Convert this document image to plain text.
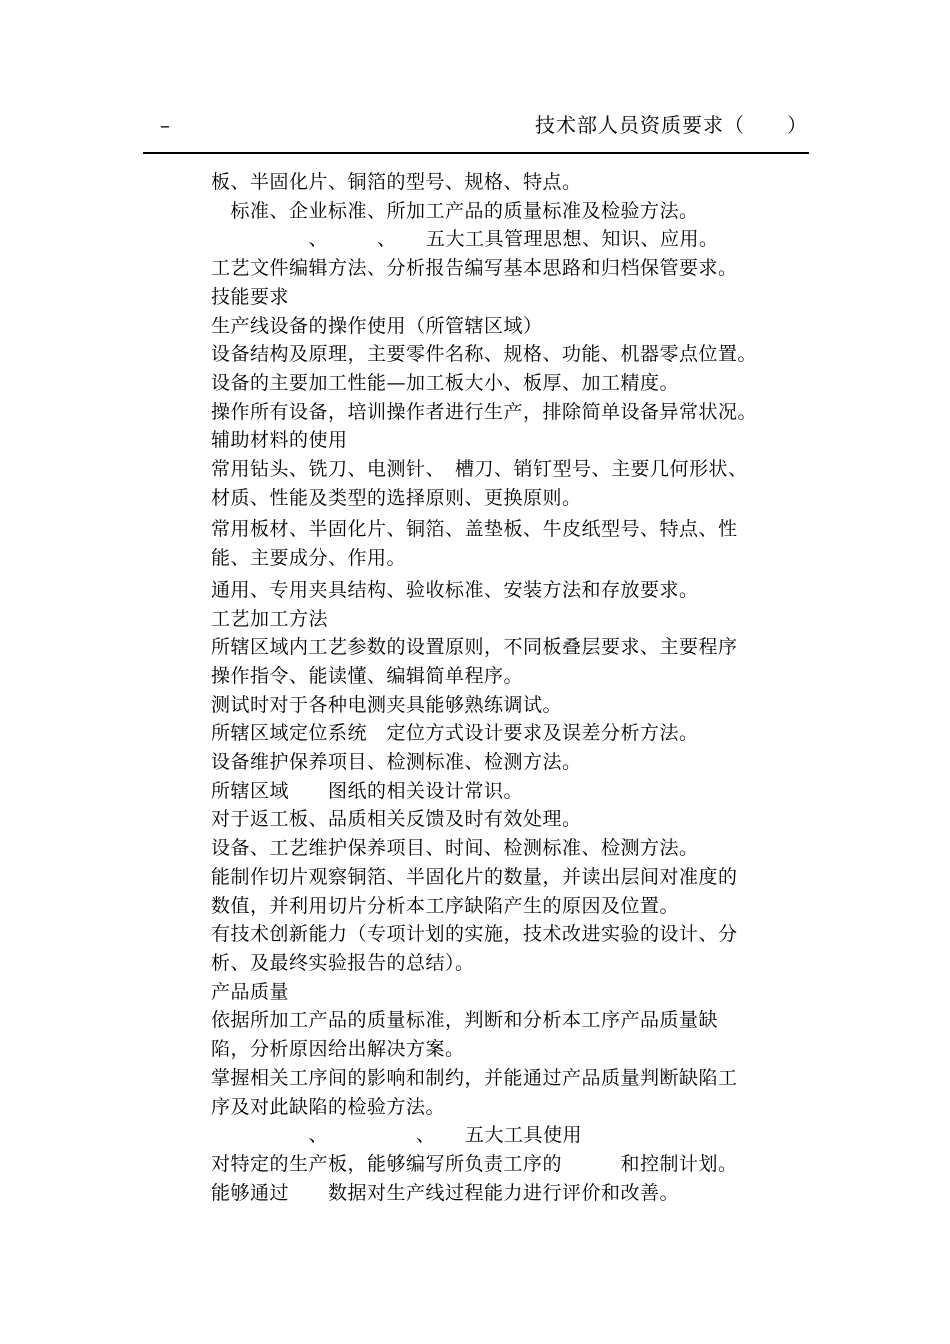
–	技术部人员资质要求（　　）
板、半固化片、铜箔的型号、规格、特点。
　标准、企业标准、所加工产品的质量标准及检验方法。
　　　　　、　　　、　　五大工具管理思想、知识、应用。
工艺文件编辑方法、分析报告编写基本思路和归档保管要求。
技能要求
生产线设备的操作使用（所管辖区域）
设备结构及原理，主要零件名称、规格、功能、机器零点位置。
设备的主要加工性能—加工板大小、板厚、加工精度。
操作所有设备，培训操作者进行生产，排除简单设备异常状况。
辅助材料的使用
常用钻头、铣刀、电测针、　槽刀、销钉型号、主要几何形状、
材质、性能及类型的选择原则、更换原则。
常用板材、半固化片、铜箔、盖垫板、牛皮纸型号、特点、性
能、主要成分、作用。
通用、专用夹具结构、验收标准、安装方法和存放要求。
工艺加工方法
所辖区域内工艺参数的设置原则，不同板叠层要求、主要程序
操作指令、能读懂、编辑简单程序。
测试时对于各种电测夹具能够熟练调试。
所辖区域定位系统　定位方式设计要求及误差分析方法。
设备维护保养项目、检测标准、检测方法。
所辖区域　　图纸的相关设计常识。
对于返工板、品质相关反馈及时有效处理。
设备、工艺维护保养项目、时间、检测标准、检测方法。
能制作切片观察铜箔、半固化片的数量，并读出层间对准度的
数值，并利用切片分析本工序缺陷产生的原因及位置。
有技术创新能力（专项计划的实施，技术改进实验的设计、分
析、及最终实验报告的总结）。
产品质量
依据所加工产品的质量标准，判断和分析本工序产品质量缺
陷，分析原因给出解决方案。
掌握相关工序间的影响和制约，并能通过产品质量判断缺陷工
序及对此缺陷的检验方法。
　　　　　、　　　　　、　　五大工具使用
对特定的生产板，能够编写所负责工序的　　　和控制计划。
能够通过　　数据对生产线过程能力进行评价和改善。
